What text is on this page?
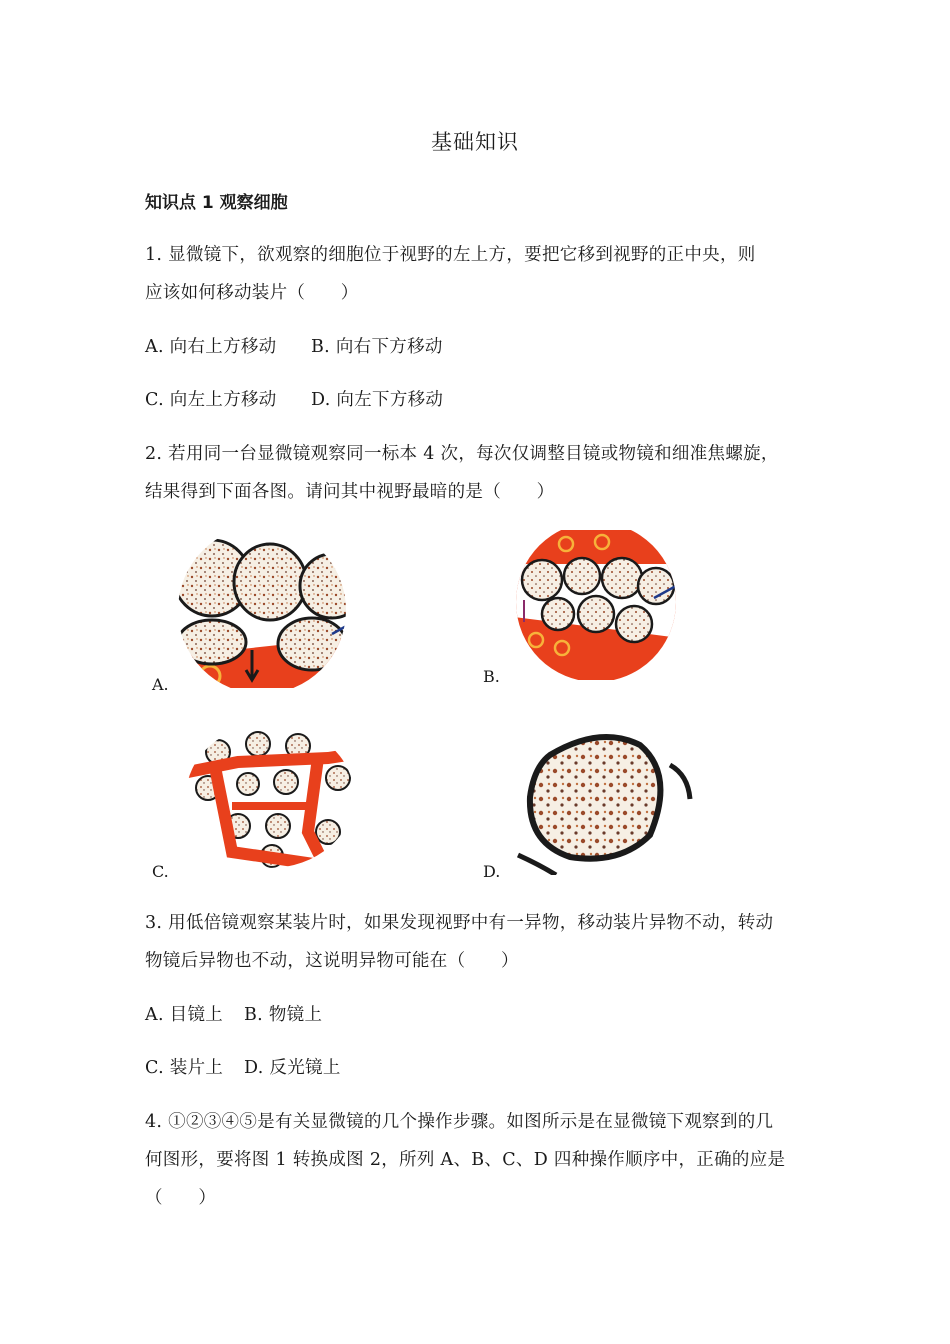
基础知识
知识点 1 观察细胞
1. 显微镜下，欲观察的细胞位于视野的左上方，要把它移到视野的正中央，则
应该如何移动装片（　　）
A. 向右上方移动 B. 向右下方移动
C. 向左上方移动 D. 向左下方移动
2. 若用同一台显微镜观察同一标本 4 次，每次仅调整目镜或物镜和细准焦螺旋，
结果得到下面各图。请问其中视野最暗的是（　　）
A.	B.
C.	D.
3. 用低倍镜观察某装片时，如果发现视野中有一异物，移动装片异物不动，转动
物镜后异物也不动，这说明异物可能在（　　）
A. 目镜上 B. 物镜上
C. 装片上 D. 反光镜上
4. ①②③④⑤是有关显微镜的几个操作步骤。如图所示是在显微镜下观察到的几
何图形，要将图 1 转换成图 2，所列 A、B、C、D 四种操作顺序中，正确的应是
（　　）
